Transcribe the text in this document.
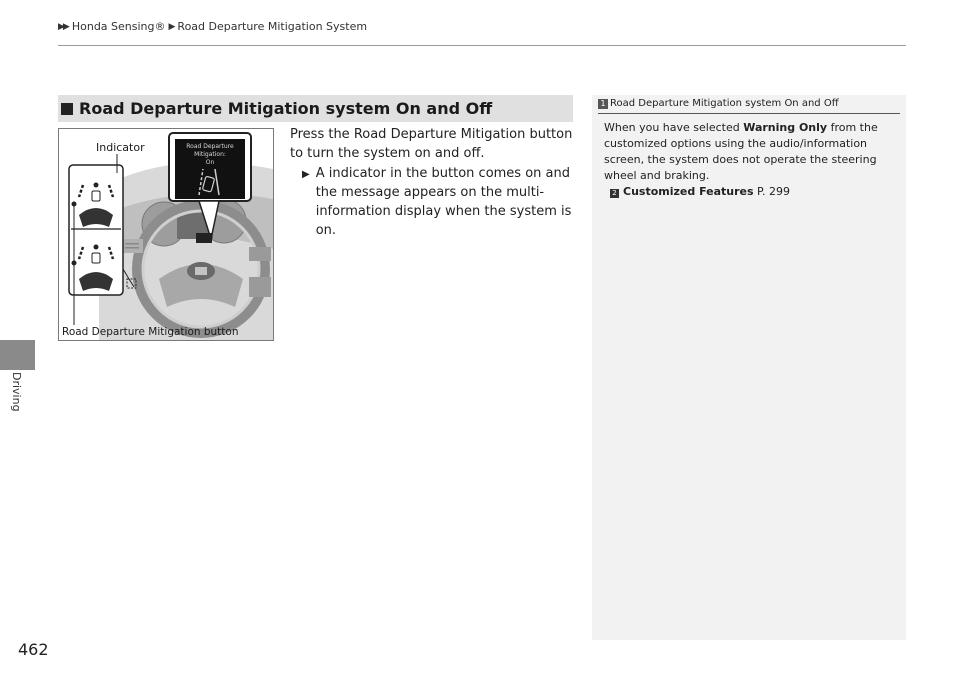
▶▶ Honda Sensing® ▶ Road Departure Mitigation System
Driving
462
Road Departure Mitigation system On and Off
Road Departure
Mitigation:
On
Indicator
Road Departure Mitigation button

Press the Road Departure Mitigation button to turn the system on and off.

▶ A indicator in the button comes on and the message appears on the multi-information display when the system is on.
1 Road Departure Mitigation system On and Off
When you have selected Warning Only from the customized options using the audio/information screen, the system does not operate the steering wheel and braking.
2 Customized Features P. 299
